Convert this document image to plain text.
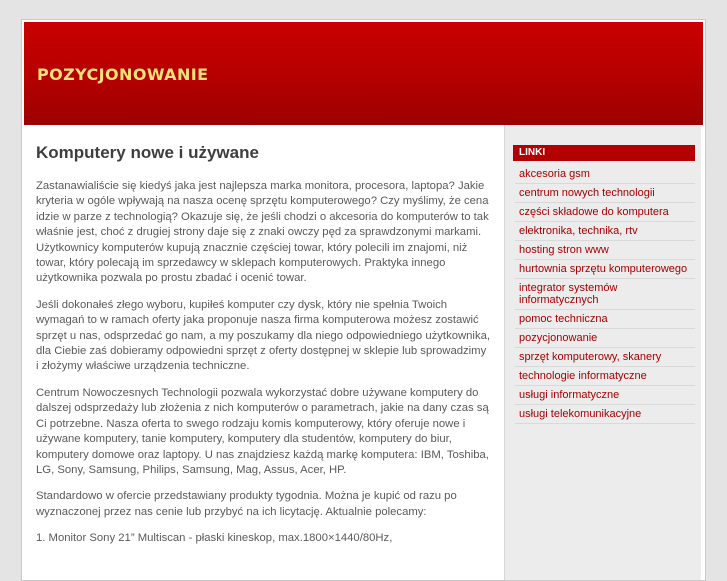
POZYCJONOWANIE
Komputery nowe i używane

Zastanawialiście się kiedyś jaka jest najlepsza marka monitora, procesora, laptopa? Jakie kryteria w ogóle wpływają na nasza ocenę sprzętu komputerowego? Czy myślimy, że cena idzie w parze z technologią? Okazuje się, że jeśli chodzi o akcesoria do komputerów to tak właśnie jest, choć z drugiej strony daje się z znaki owczy pęd za sprawdzonymi markami. Użytkownicy komputerów kupują znacznie częściej towar, który polecili im znajomi, niż towar, który polecają im sprzedawcy w sklepach komputerowych. Praktyka innego użytkownika pozwala po prostu zbadać i ocenić towar.

Jeśli dokonałeś złego wyboru, kupiłeś komputer czy dysk, który nie spełnia Twoich wymagań to w ramach oferty jaka proponuje nasza firma komputerowa możesz zostawić sprzęt u nas, odsprzedać go nam, a my poszukamy dla niego odpowiedniego użytkownika, dla Ciebie zaś dobieramy odpowiedni sprzęt z oferty dostępnej w sklepie lub sprowadzimy i złożymy właściwe urządzenia techniczne.

Centrum Nowoczesnych Technologii pozwala wykorzystać dobre używane komputery do dalszej odsprzedaży lub złożenia z nich komputerów o parametrach, jakie na dany czas są Ci potrzebne. Nasza oferta to swego rodzaju komis komputerowy, który oferuje nowe i używane komputery, tanie komputery, komputery dla studentów, komputery do biur, komputery domowe oraz laptopy. U nas znajdziesz każdą markę komputera: IBM, Toshiba, LG, Sony, Samsung, Philips, Samsung, Mag, Assus, Acer, HP.

Standardowo w ofercie przedstawiany produkty tygodnia. Można je kupić od razu po wyznaczonej przez nas cenie lub przybyć na ich licytację. Aktualnie polecamy:

1. Monitor Sony 21” Multiscan - płaski kineskop, max.1800×1440/80Hz,

LINKI
akcesoria gsm
centrum nowych technologii
części składowe do komputera
elektronika, technika, rtv
hosting stron www
hurtownia sprzętu komputerowego
integrator systemów informatycznych
pomoc techniczna
pozycjonowanie
sprzęt komputerowy, skanery
technologie informatyczne
usługi informatyczne
usługi telekomunikacyjne
